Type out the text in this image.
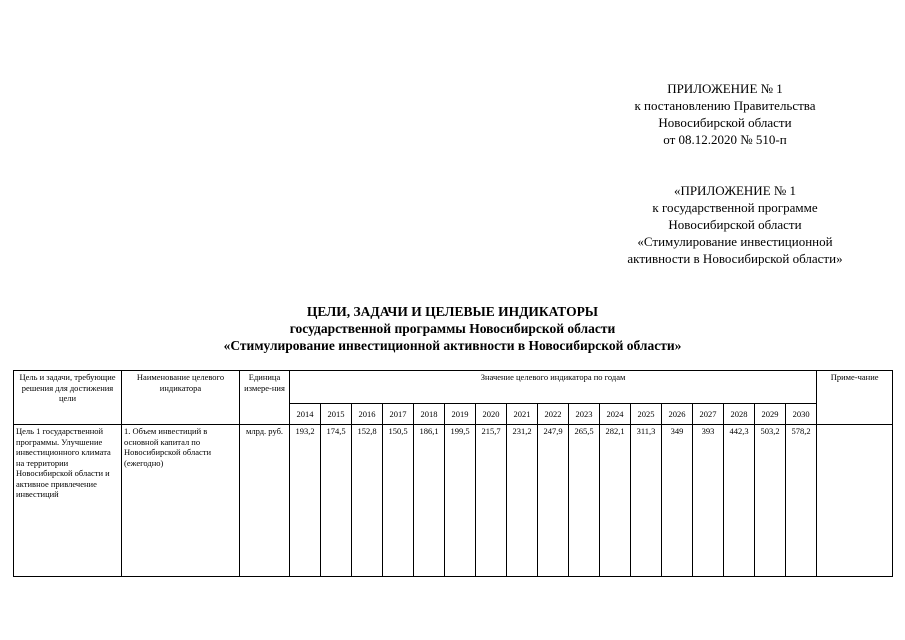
ПРИЛОЖЕНИЕ № 1
к постановлению Правительства
Новосибирской области
от 08.12.2020 № 510-п
«ПРИЛОЖЕНИЕ № 1
к государственной программе
Новосибирской области
«Стимулирование инвестиционной
активности в Новосибирской области»
ЦЕЛИ, ЗАДАЧИ И ЦЕЛЕВЫЕ ИНДИКАТОРЫ
государственной программы Новосибирской области
«Стимулирование инвестиционной активности в Новосибирской области»
Цель и задачи, требующие решения для достижения цели	Наименование целевого индикатора	Единица измере-ния	Значение целевого индикатора по годам																	Приме-чание
			2014	2015	2016	2017	2018	2019	2020	2021	2022	2023	2024	2025	2026	2027	2028	2029	2030	
Цель 1 государственной программы. Улучшение инвестиционного климата на территории Новосибирской области и активное привлечение инвестиций	1. Объем инвестиций в основной капитал по Новосибирской области (ежегодно)	млрд. руб.	193,2	174,5	152,8	150,5	186,1	199,5	215,7	231,2	247,9	265,5	282,1	311,3	349	393	442,3	503,2	578,2	
